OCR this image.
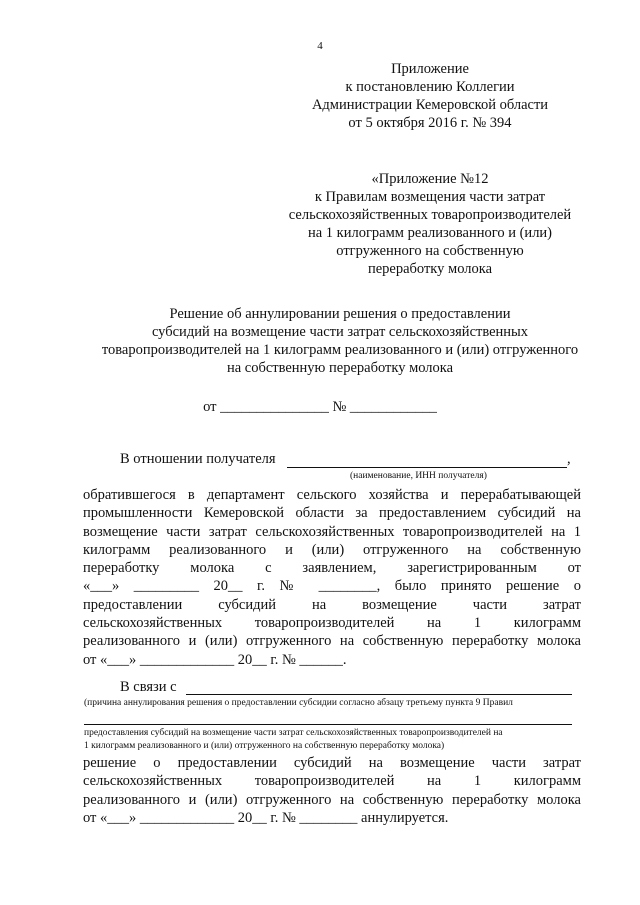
4
Приложение
к постановлению Коллегии
Администрации Кемеровской области
от 5 октября 2016 г. № 394
«Приложение №12
к Правилам возмещения части затрат
сельскохозяйственных товаропроизводителей
на 1 килограмм реализованного и (или)
отгруженного на собственную
переработку молока
Решение об аннулировании решения о предоставлении
субсидий на возмещение части затрат сельскохозяйственных
товаропроизводителей на 1 килограмм реализованного и (или) отгруженного
на собственную переработку молока
от _______________ № ____________
В отношении получателя	,
(наименование, ИНН получателя)
обратившегося в департамент сельского хозяйства и перерабатывающей
промышленности Кемеровской области за предоставлением субсидий на
возмещение части затрат сельскохозяйственных товаропроизводителей на 1
килограмм реализованного и (или) отгруженного на собственную
переработку молока с заявлением, зарегистрированным от
«___» _________ 20__ г. № ________, было принято решение о
предоставлении субсидий на возмещение части затрат
сельскохозяйственных товаропроизводителей на 1 килограмм
реализованного и (или) отгруженного на собственную переработку молока
от «___» _____________ 20__ г. № ______.
В связи с
(причина аннулирования решения о предоставлении субсидии согласно абзацу третьему пункта 9 Правил
предоставления субсидий на возмещение части затрат сельскохозяйственных товаропроизводителей на
1 килограмм реализованного и (или) отгруженного на собственную переработку молока)
решение о предоставлении субсидий на возмещение части затрат
сельскохозяйственных товаропроизводителей на 1 килограмм
реализованного и (или) отгруженного на собственную переработку молока
от «___» _____________ 20__ г. № ________ аннулируется.
